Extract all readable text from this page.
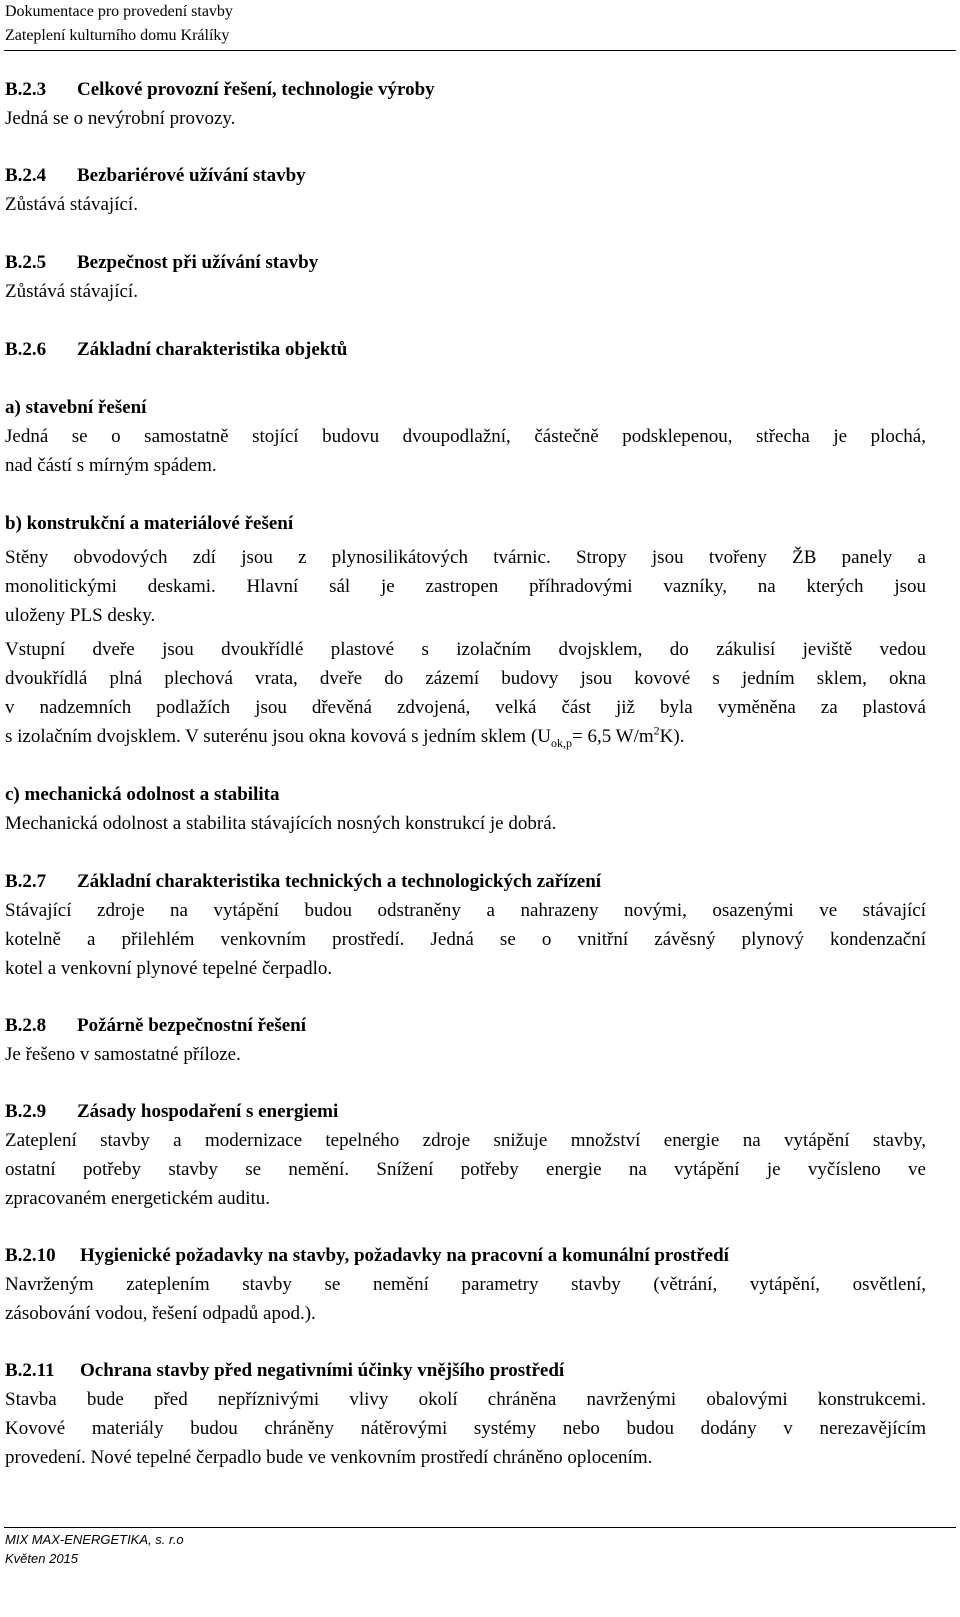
Dokumentace pro provedení stavby
Zateplení kulturního domu Králíky
B.2.3 Celkové provozní řešení, technologie výroby
Jedná se o nevýrobní provozy.
B.2.4 Bezbariérové užívání stavby
Zůstává stávající.
B.2.5 Bezpečnost při užívání stavby
Zůstává stávající.
B.2.6 Základní charakteristika objektů
a) stavební řešení
Jedná se o samostatně stojící budovu dvoupodlažní, částečně podsklepenou, střecha je plochá,
nad částí s mírným spádem.
b) konstrukční a materiálové řešení
Stěny obvodových zdí jsou z plynosilikátových tvárnic. Stropy jsou tvořeny ŽB panely a
monolitickými deskami. Hlavní sál je zastropen příhradovými vazníky, na kterých jsou
uloženy PLS desky.
Vstupní dveře jsou dvoukřídlé plastové s izolačním dvojsklem, do zákulisí jeviště vedou
dvoukřídlá plná plechová vrata, dveře do zázemí budovy jsou kovové s jedním sklem, okna
v nadzemních podlažích jsou dřevěná zdvojená, velká část již byla vyměněna za plastová
s izolačním dvojsklem. V suterénu jsou okna kovová s jedním sklem ($U_{ok,p}= 6,5$ $W/m^2K$).
c) mechanická odolnost a stabilita
Mechanická odolnost a stabilita stávajících nosných konstrukcí je dobrá.
B.2.7 Základní charakteristika technických a technologických zařízení
Stávající zdroje na vytápění budou odstraněny a nahrazeny novými, osazenými ve stávající
kotelně a přilehlém venkovním prostředí. Jedná se o vnitřní závěsný plynový kondenzační
kotel a venkovní plynové tepelné čerpadlo.
B.2.8 Požárně bezpečnostní řešení
Je řešeno v samostatné příloze.
B.2.9 Zásady hospodaření s energiemi
Zateplení stavby a modernizace tepelného zdroje snižuje množství energie na vytápění stavby,
ostatní potřeby stavby se nemění. Snížení potřeby energie na vytápění je vyčísleno ve
zpracovaném energetickém auditu.
B.2.10 Hygienické požadavky na stavby, požadavky na pracovní a komunální prostředí
Navrženým zateplením stavby se nemění parametry stavby (větrání, vytápění, osvětlení,
zásobování vodou, řešení odpadů apod.).
B.2.11 Ochrana stavby před negativními účinky vnějšího prostředí
Stavba bude před nepříznivými vlivy okolí chráněna navrženými obalovými konstrukcemi.
Kovové materiály budou chráněny nátěrovými systémy nebo budou dodány v nerezavějícím
provedení. Nové tepelné čerpadlo bude ve venkovním prostředí chráněno oplocením.
MIX MAX-ENERGETIKA, s. r.o
Květen 2015
